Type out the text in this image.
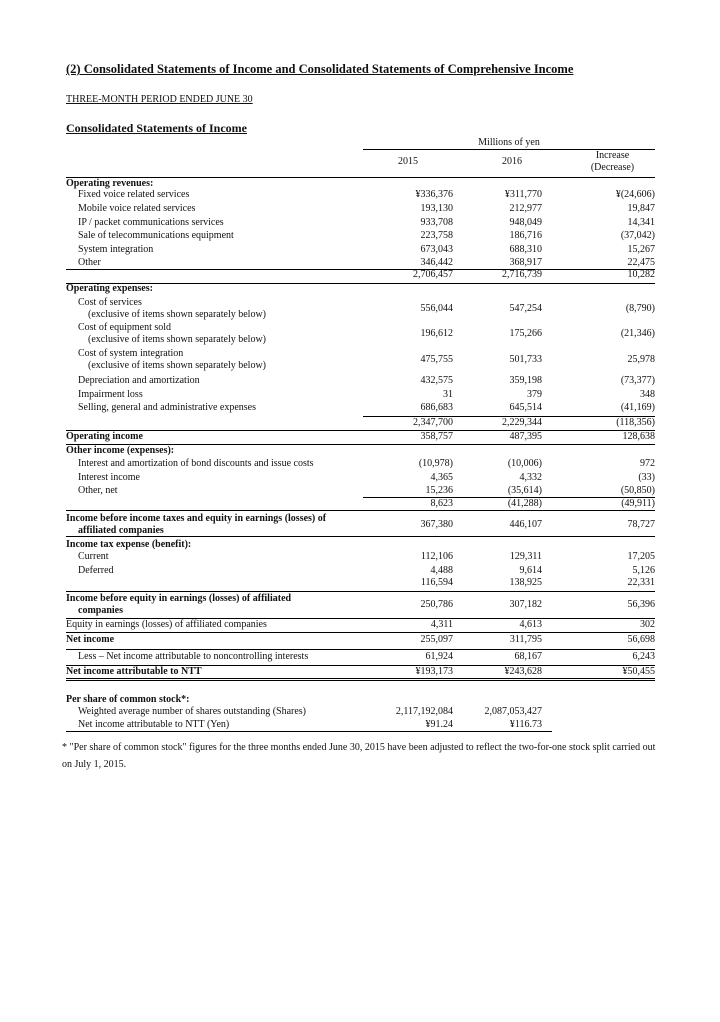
(2) Consolidated Statements of Income and Consolidated Statements of Comprehensive Income
THREE-MONTH PERIOD ENDED JUNE 30
Consolidated Statements of Income
Millions of yen
2015	2016
Increase
(Decrease)
Operating revenues:
Fixed voice related services	¥336,376	¥311,770	¥(24,606)
Mobile voice related services	193,130	212,977	19,847
IP / packet communications services	933,708	948,049	14,341
Sale of telecommunications equipment	223,758	186,716	(37,042)
System integration	673,043	688,310	15,267
Other	346,442	368,917	22,475
2,706,457	2,716,739	10,282
Operating expenses:
Cost of services
(exclusive of items shown separately below)
556,044	547,254	(8,790)
Cost of equipment sold
(exclusive of items shown separately below)
196,612	175,266	(21,346)
Cost of system integration
(exclusive of items shown separately below)
475,755	501,733	25,978
Depreciation and amortization	432,575	359,198	(73,377)
Impairment loss	31	379	348
Selling, general and administrative expenses	686,683	645,514	(41,169)
2,347,700	2,229,344	(118,356)
Operating income	358,757	487,395	128,638
Other income (expenses):
Interest and amortization of bond discounts and issue costs	(10,978)	(10,006)	972
Interest income	4,365	4,332	(33)
Other, net	15,236	(35,614)	(50,850)
8,623	(41,288)	(49,911)
Income before income taxes and equity in earnings (losses) of
affiliated companies
367,380	446,107	78,727
Income tax expense (benefit):
Current	112,106	129,311	17,205
Deferred	4,488	9,614	5,126
116,594	138,925	22,331
Income before equity in earnings (losses) of affiliated
companies
250,786	307,182	56,396
Equity in earnings (losses) of affiliated companies	4,311	4,613	302
Net income	255,097	311,795	56,698
Less – Net income attributable to noncontrolling interests	61,924	68,167	6,243
Net income attributable to NTT	¥193,173	¥243,628	¥50,455
Per share of common stock*:
Weighted average number of shares outstanding (Shares)	2,117,192,084	2,087,053,427
Net income attributable to NTT (Yen)	¥91.24	¥116.73
* "Per share of common stock" figures for the three months ended June 30, 2015 have been adjusted to reflect the two-for-one stock split carried out on July 1, 2015.
